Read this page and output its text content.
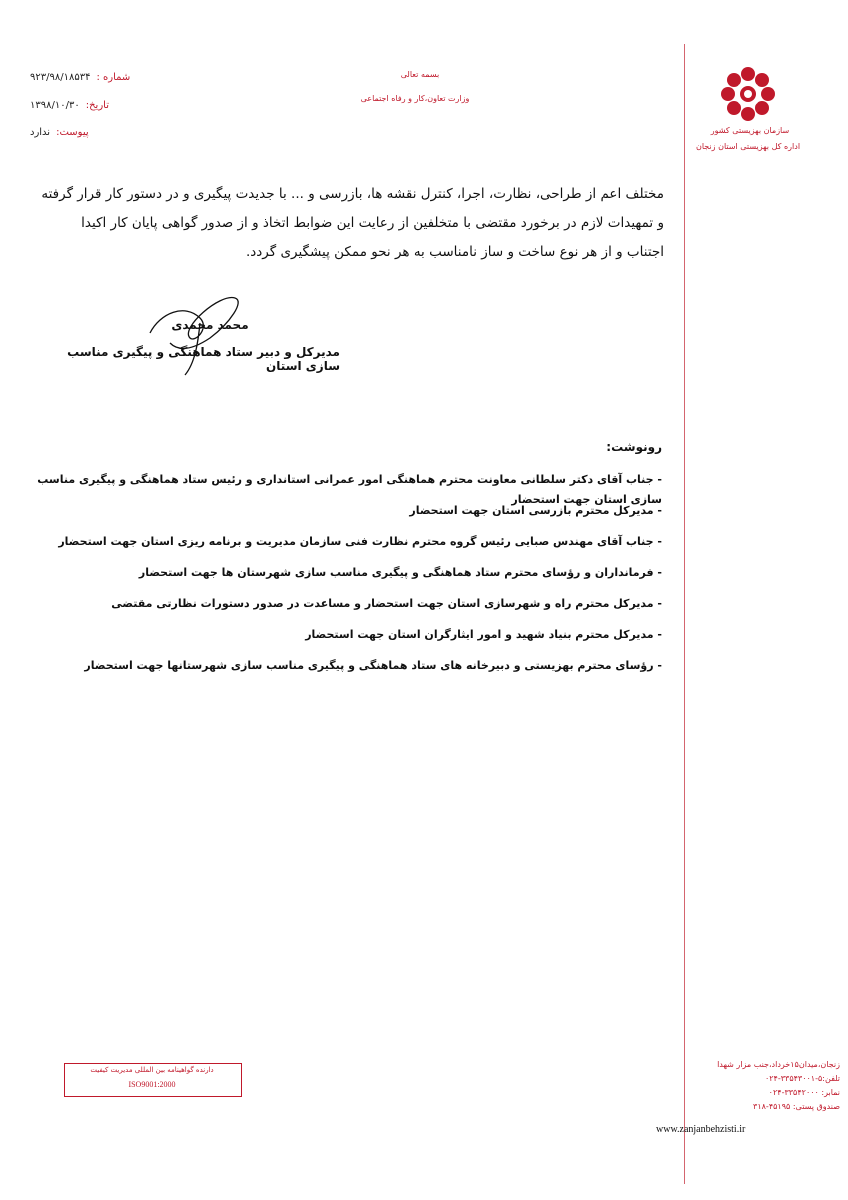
سازمان بهزیستی کشور
اداره کل بهزیستی استان زنجان
بسمه تعالی
وزارت تعاون،کار و رفاه اجتماعی
: شماره
۹۲۳/۹۸/۱۸۵۳۴
:تاریخ
۱۳۹۸/۱۰/۳۰
:پیوست
ندارد

مختلف اعم از طراحی، نظارت، اجرا، کنترل نقشه ها، بازرسی و ... با جدیدت پیگیری و در دستور کار قرار گرفته

و تمهیدات لازم در برخورد مقتضی با متخلفین از رعایت این ضوابط اتخاذ و از صدور گواهی پایان کار اکیدا

اجتناب و از هر نوع ساخت و ساز نامناسب به هر نحو ممکن پیشگیری گردد.

محمد محمدی
مدیرکل و دبیر ستاد هماهنگی و پیگیری مناسب سازی استان
رونوشت:
- جناب آقای دکتر سلطانی معاونت محترم هماهنگی امور عمرانی استانداری و رئیس ستاد هماهنگی و پیگیری مناسب سازی استان جهت استحضار
- مدیرکل محترم بازرسی استان جهت استحضار
- جناب آقای مهندس صبایی رئیس گروه محترم نظارت فنی سازمان مدیریت و برنامه ریزی استان جهت استحضار
- فرمانداران و رؤسای محترم ستاد هماهنگی و پیگیری مناسب سازی شهرستان ها جهت استحضار
- مدیرکل محترم راه و شهرسازی استان جهت استحضار و مساعدت در صدور دستورات نظارتی مقتضی
- مدیرکل محترم بنیاد شهید و امور ایثارگران استان جهت استحضار
- رؤسای محترم بهزیستی و دبیرخانه های ستاد هماهنگی و پیگیری مناسب سازی شهرستانها جهت استحضار
دارنده گواهینامه بین المللی مدیریت کیفیت
ISO9001:2000
زنجان،میدان۱۵خرداد،جنب مزار شهدا
تلفن:۵-۳۳۵۴۳۰۰۱-۰۲۴
نمابر: ۳۳۵۴۲۰۰۰-۰۲۴
صندوق پستی: ۴۵۱۹۵-۳۱۸
www.zanjanbehzisti.ir
